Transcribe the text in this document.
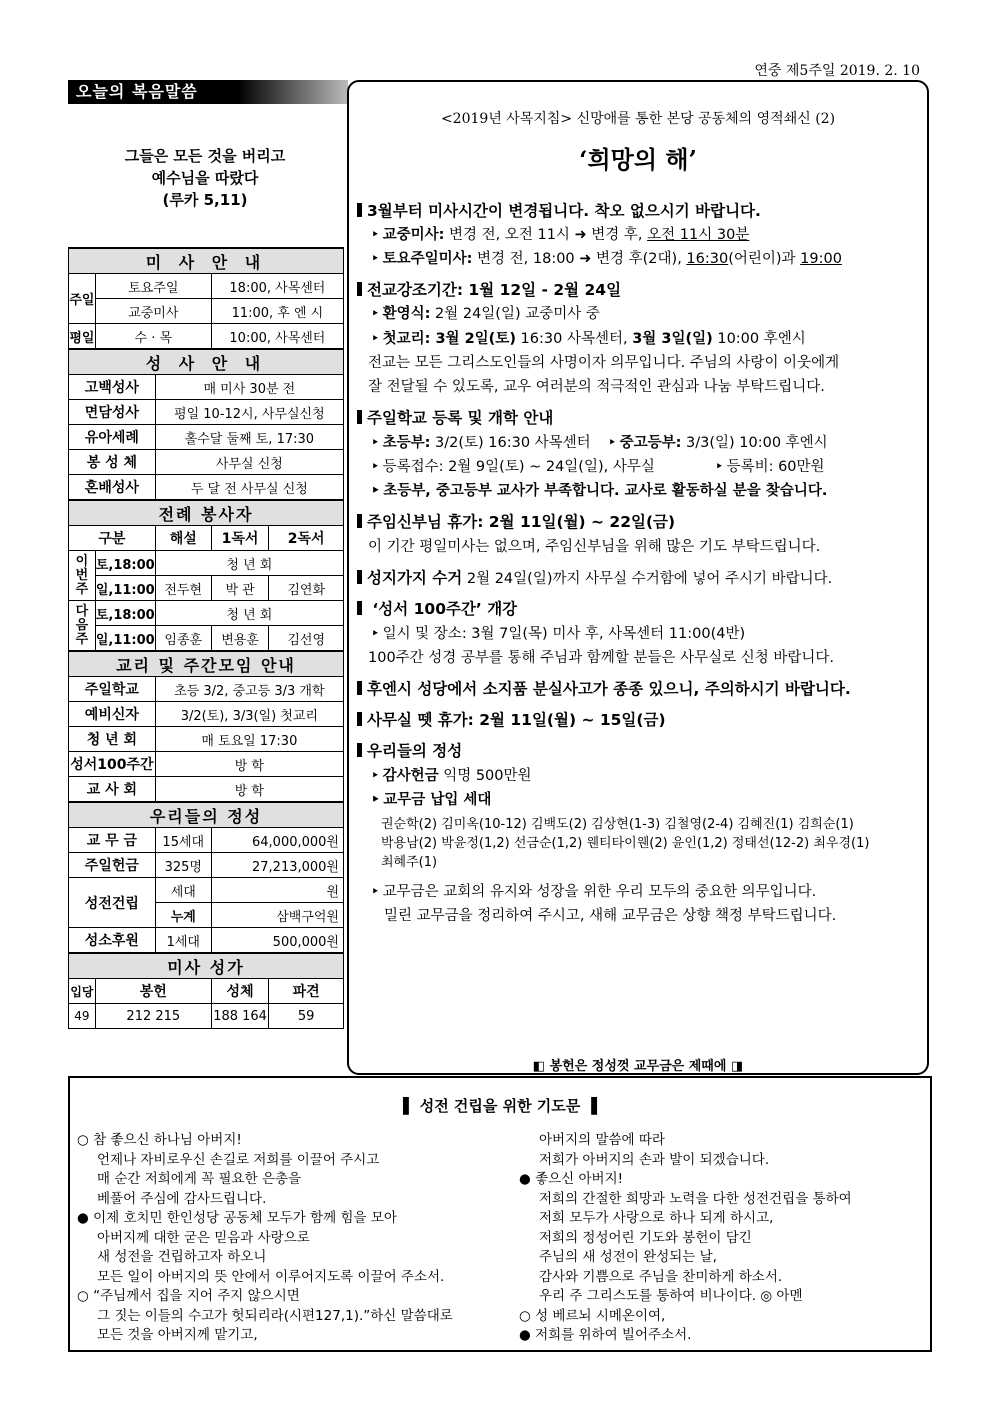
연중 제5주일 2019. 2. 10
오늘의 복음말씀
그들은 모든 것을 버리고
예수님을 따랐다
(루카 5,11)
미 사 안 내				
주일	토요주일		18:00, 사목센터	
	교중미사		11:00, 후 엔 시	
평일	수 · 목		10:00, 사목센터	
성 사 안 내				
고백성사		매 미사 30분 전		
면담성사		평일 10-12시, 사무실신청		
유아세례		홀수달 둘째 토, 17:30		
봉 성 체		사무실 신청		
혼배성사		두 달 전 사무실 신청		
전례 봉사자				
구분		해설	1독서	2독서
이번주	토,18:00	청 년 회		
	일,11:00	전두현	박 관	김연화
다음주	토,18:00	청 년 회		
	일,11:00	임종훈	변용훈	김선영
교리 및 주간모임 안내				
주일학교		초등 3/2, 중고등 3/3 개학		
예비신자		3/2(토), 3/3(일) 첫교리		
청 년 회		매 토요일 17:30		
성서100주간		방 학		
교 사 회		방 학		
우리들의 정성				
교 무 금		15세대	64,000,000원	
주일헌금		325명	27,213,000원	
성전건립		세대	원	
		누계	삼백구억원	
성소후원		1세대	500,000원	
미사 성가				
입당	봉헌		성체	파견
49	212 215		188 164	59
<2019년 사목지침> 신망애를 통한 본당 공동체의 영적쇄신 (2)
‘희망의 해’
3월부터 미사시간이 변경됩니다. 착오 없으시기 바랍니다.
‣ 교중미사: 변경 전, 오전 11시 ➜ 변경 후, 오전 11시 30분
‣ 토요주일미사: 변경 전, 18:00 ➜ 변경 후(2대), 16:30(어린이)과 19:00
전교강조기간: 1월 12일 - 2월 24일
‣ 환영식: 2월 24일(일) 교중미사 중
‣ 첫교리: 3월 2일(토) 16:30 사목센터, 3월 3일(일) 10:00 후엔시
전교는 모든 그리스도인들의 사명이자 의무입니다. 주님의 사랑이 이웃에게
잘 전달될 수 있도록, 교우 여러분의 적극적인 관심과 나눔 부탁드립니다.
주일학교 등록 및 개학 안내
‣ 초등부: 3/2(토) 16:30 사목센터	‣ 중고등부: 3/3(일) 10:00 후엔시
‣ 등록접수: 2월 9일(토) ~ 24일(일), 사무실	‣ 등록비: 60만원
‣ 초등부, 중고등부 교사가 부족합니다. 교사로 활동하실 분을 찾습니다.
주임신부님 휴가: 2월 11일(월) ~ 22일(금)
이 기간 평일미사는 없으며, 주임신부님을 위해 많은 기도 부탁드립니다.
성지가지 수거 2월 24일(일)까지 사무실 수거함에 넣어 주시기 바랍니다.
‘성서 100주간’ 개강
‣ 일시 및 장소: 3월 7일(목) 미사 후, 사목센터 11:00(4반)
100주간 성경 공부를 통해 주님과 함께할 분들은 사무실로 신청 바랍니다.
후엔시 성당에서 소지품 분실사고가 종종 있으니, 주의하시기 바랍니다.
사무실 뗏 휴가: 2월 11일(월) ~ 15일(금)
우리들의 정성
‣ 감사헌금 익명 500만원
‣ 교무금 납입 세대
권순학(2) 김미옥(10-12) 김백도(2) 김상현(1-3) 김철영(2-4) 김혜진(1) 김희순(1)
박용남(2) 박윤정(1,2) 선금순(1,2) 웬티타이웬(2) 윤인(1,2) 정태선(12-2) 최우경(1)
최혜주(1)
‣ 교무금은 교회의 유지와 성장을 위한 우리 모두의 중요한 의무입니다.
밀린 교무금을 정리하여 주시고, 새해 교무금은 상향 책정 부탁드립니다.
◧ 봉헌은 정성껏 교무금은 제때에 ◨
▌ 성전 건립을 위한 기도문 ▐
○ 참 좋으신 하나님 아버지!
언제나 자비로우신 손길로 저희를 이끌어 주시고
매 순간 저희에게 꼭 필요한 은총을
베풀어 주심에 감사드립니다.
● 이제 호치민 한인성당 공동체 모두가 함께 힘을 모아
아버지께 대한 굳은 믿음과 사랑으로
새 성전을 건립하고자 하오니
모든 일이 아버지의 뜻 안에서 이루어지도록 이끌어 주소서.
○ “주님께서 집을 지어 주지 않으시면
그 짓는 이들의 수고가 헛되리라(시편127,1).”하신 말씀대로
모든 것을 아버지께 맡기고,
아버지의 말씀에 따라
저희가 아버지의 손과 발이 되겠습니다.
● 좋으신 아버지!
저희의 간절한 희망과 노력을 다한 성전건립을 통하여
저희 모두가 사랑으로 하나 되게 하시고,
저희의 정성어린 기도와 봉헌이 담긴
주님의 새 성전이 완성되는 날,
감사와 기쁨으로 주님을 찬미하게 하소서.
우리 주 그리스도를 통하여 비나이다. ◎ 아멘
○ 성 베르뇌 시메온이여,
● 저희를 위하여 빌어주소서.
